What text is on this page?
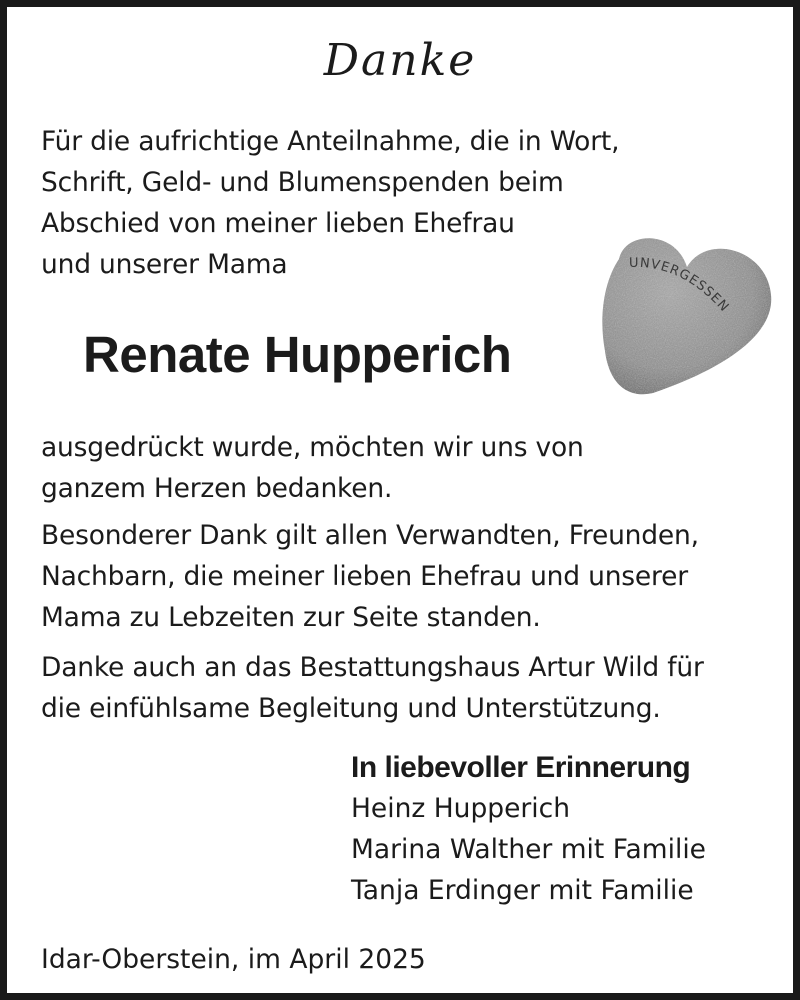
Danke
Für die aufrichtige Anteilnahme, die in Wort,
Schrift, Geld- und Blumenspenden beim
Abschied von meiner lieben Ehefrau
und unserer Mama
Renate Hupperich
UNVERGESSEN
ausgedrückt wurde, möchten wir uns von
ganzem Herzen bedanken.
Besonderer Dank gilt allen Verwandten, Freunden,
Nachbarn, die meiner lieben Ehefrau und unserer
Mama zu Lebzeiten zur Seite standen.
Danke auch an das Bestattungshaus Artur Wild für
die einfühlsame Begleitung und Unterstützung.
In liebevoller Erinnerung
Heinz Hupperich
Marina Walther mit Familie
Tanja Erdinger mit Familie
Idar-Oberstein, im April 2025
